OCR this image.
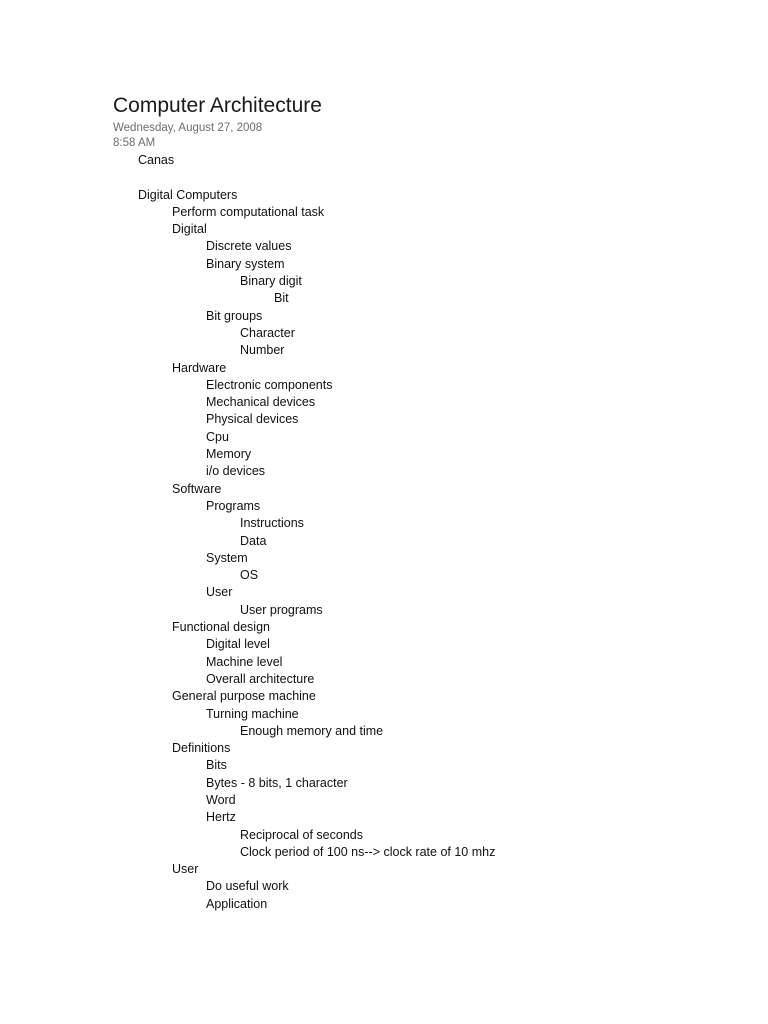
Computer Architecture
Wednesday, August 27, 2008
8:58 AM
Canas
Digital Computers
Perform computational task
Digital
Discrete values
Binary system
Binary digit
Bit
Bit groups
Character
Number
Hardware
Electronic components
Mechanical devices
Physical devices
Cpu
Memory
i/o devices
Software
Programs
Instructions
Data
System
OS
User
User programs
Functional design
Digital level
Machine level
Overall architecture
General purpose machine
Turning machine
Enough memory and time
Definitions
Bits
Bytes - 8 bits, 1 character
Word
Hertz
Reciprocal of seconds
Clock period of 100 ns--> clock rate of 10 mhz
User
Do useful work
Application
